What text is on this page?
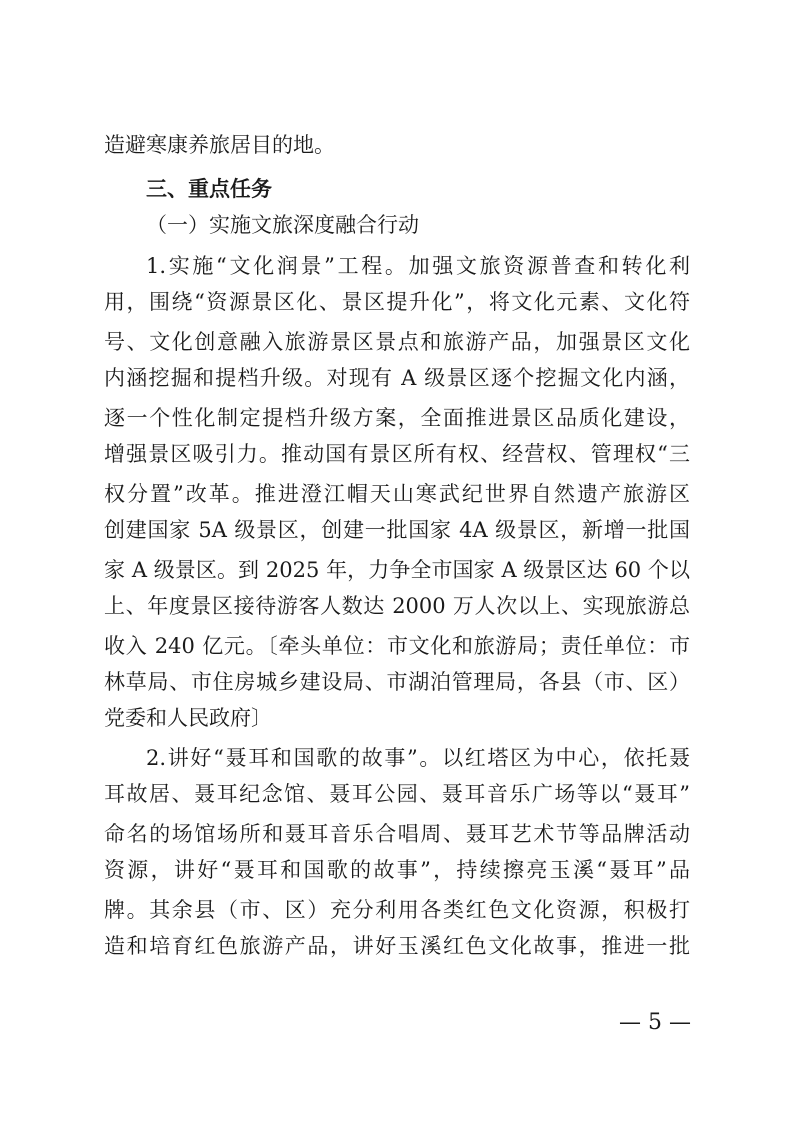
造避寒康养旅居目的地。
三、重点任务
（一）实施文旅深度融合行动
1.实施“文化润景”工程。加强文旅资源普查和转化利
用，围绕“资源景区化、景区提升化”，将文化元素、文化符
号、文化创意融入旅游景区景点和旅游产品，加强景区文化
内涵挖掘和提档升级。对现有 A 级景区逐个挖掘文化内涵，
逐一个性化制定提档升级方案，全面推进景区品质化建设，
增强景区吸引力。推动国有景区所有权、经营权、管理权“三
权分置”改革。推进澄江帽天山寒武纪世界自然遗产旅游区
创建国家 5A 级景区，创建一批国家 4A 级景区，新增一批国
家 A 级景区。到 2025 年，力争全市国家 A 级景区达 60 个以
上、年度景区接待游客人数达 2000 万人次以上、实现旅游总
收入 240 亿元。〔牵头单位：市文化和旅游局；责任单位：市
林草局、市住房城乡建设局、市湖泊管理局，各县（市、区）
党委和人民政府〕
2.讲好“聂耳和国歌的故事”。以红塔区为中心，依托聂
耳故居、聂耳纪念馆、聂耳公园、聂耳音乐广场等以“聂耳”
命名的场馆场所和聂耳音乐合唱周、聂耳艺术节等品牌活动
资源，讲好“聂耳和国歌的故事”，持续擦亮玉溪“聂耳”品
牌。其余县（市、区）充分利用各类红色文化资源，积极打
造和培育红色旅游产品，讲好玉溪红色文化故事，推进一批
— 5 —
